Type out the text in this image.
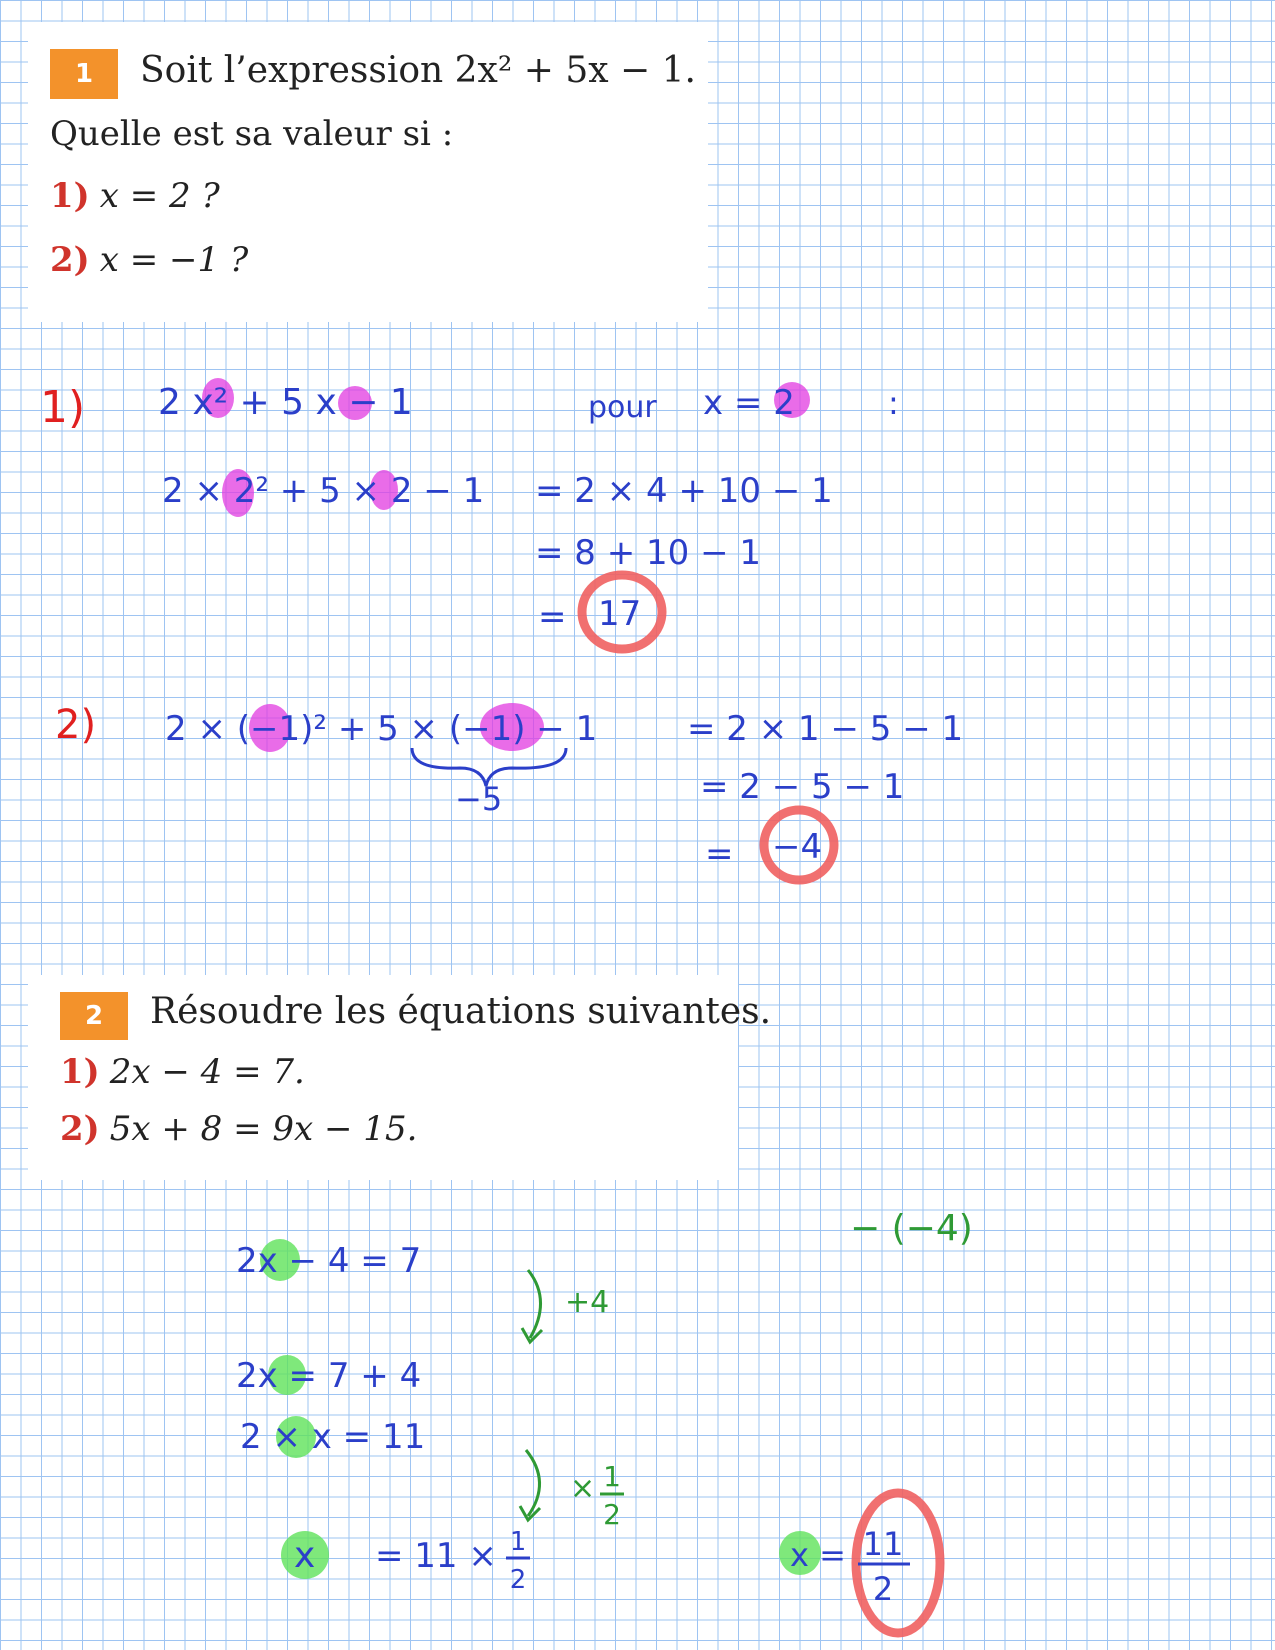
1	Soit l’expression 2x² + 5x − 1.
Quelle est sa valeur si :
1) x = 2 ?
2) x = −1 ?
2	Résoudre les équations suivantes.
1) 2x − 4 = 7.
2) 5x + 8 = 9x − 15.
1) 2 x² + 5 x − 1	pour x = 2	:
2 × 2² + 5 × 2 − 1 = 2 × 4 + 10 − 1
= 8 + 10 − 1
= 17
2) 2 × (−1)² + 5 × (−1) − 1
−5
= 2 × 1 − 5 − 1
= 2 − 5 − 1
= −4
− (−4)
2x − 4 = 7
+4
2x = 7 + 4
2 × x = 11
× 1
2
x = 11 × 1
2
x = 11
2
